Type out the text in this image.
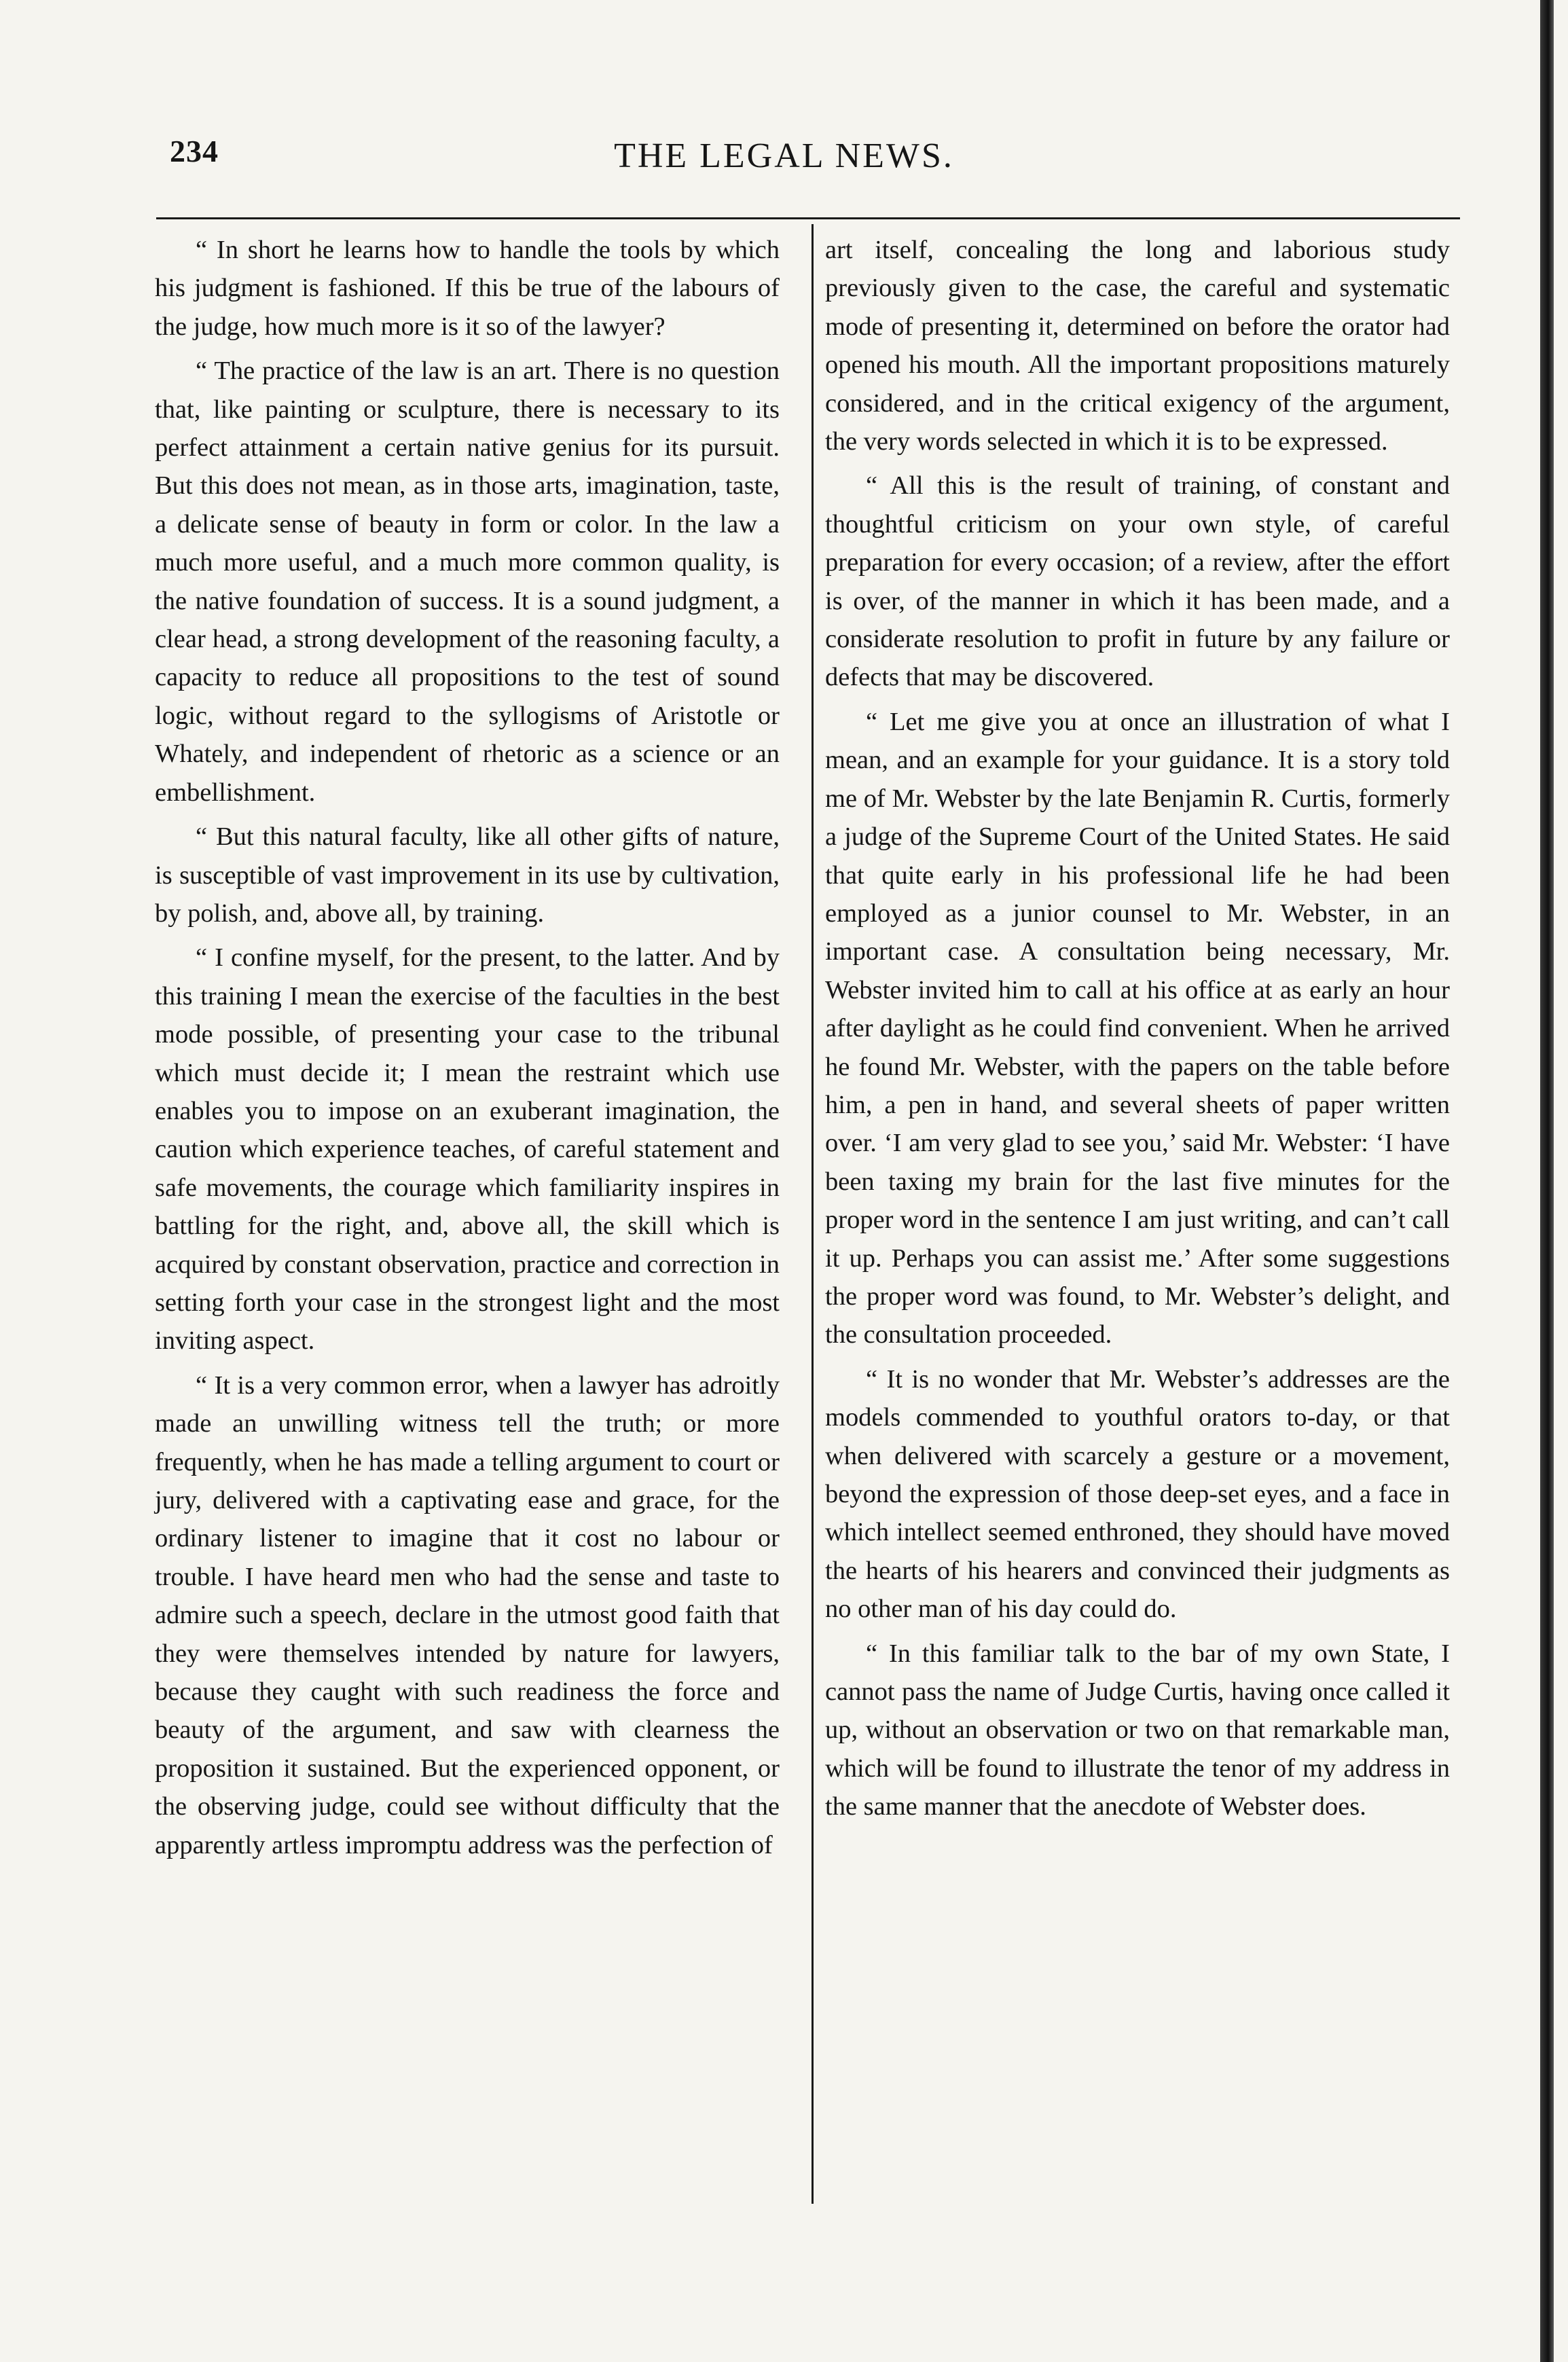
234	THE LEGAL NEWS.

“ In short he learns how to handle the tools by which his judgment is fashioned. If this be true of the labours of the judge, how much more is it so of the lawyer?

“ The practice of the law is an art. There is no question that, like painting or sculpture, there is necessary to its perfect attainment a certain native genius for its pursuit. But this does not mean, as in those arts, imagination, taste, a delicate sense of beauty in form or color. In the law a much more useful, and a much more common quality, is the native foundation of success. It is a sound judgment, a clear head, a strong development of the reasoning faculty, a capacity to reduce all propositions to the test of sound logic, without regard to the syllogisms of Aristotle or Whately, and independent of rhetoric as a science or an embellishment.

“ But this natural faculty, like all other gifts of nature, is susceptible of vast improvement in its use by cultivation, by polish, and, above all, by training.

“ I confine myself, for the present, to the latter. And by this training I mean the exercise of the faculties in the best mode possible, of presenting your case to the tribunal which must decide it; I mean the restraint which use enables you to impose on an exuberant imagination, the caution which experience teaches, of careful statement and safe movements, the courage which familiarity inspires in battling for the right, and, above all, the skill which is acquired by constant observation, practice and correction in setting forth your case in the strongest light and the most inviting aspect.

“ It is a very common error, when a lawyer has adroitly made an unwilling witness tell the truth; or more frequently, when he has made a telling argument to court or jury, delivered with a captivating ease and grace, for the ordinary listener to imagine that it cost no labour or trouble. I have heard men who had the sense and taste to admire such a speech, declare in the utmost good faith that they were themselves intended by nature for lawyers, because they caught with such readiness the force and beauty of the argument, and saw with clearness the proposition it sustained. But the experienced opponent, or the observing judge, could see without difficulty that the apparently artless impromptu address was the perfection of

art itself, concealing the long and laborious study previously given to the case, the careful and systematic mode of presenting it, determined on before the orator had opened his mouth. All the important propositions maturely considered, and in the critical exigency of the argument, the very words selected in which it is to be expressed.

“ All this is the result of training, of constant and thoughtful criticism on your own style, of careful preparation for every occasion; of a review, after the effort is over, of the manner in which it has been made, and a considerate resolution to profit in future by any failure or defects that may be discovered.

“ Let me give you at once an illustration of what I mean, and an example for your guidance. It is a story told me of Mr. Webster by the late Benjamin R. Curtis, formerly a judge of the Supreme Court of the United States. He said that quite early in his professional life he had been employed as a junior counsel to Mr. Webster, in an important case. A consultation being necessary, Mr. Webster invited him to call at his office at as early an hour after daylight as he could find convenient. When he arrived he found Mr. Webster, with the papers on the table before him, a pen in hand, and several sheets of paper written over. ‘I am very glad to see you,’ said Mr. Webster: ‘I have been taxing my brain for the last five minutes for the proper word in the sentence I am just writing, and can’t call it up. Perhaps you can assist me.’ After some suggestions the proper word was found, to Mr. Webster’s delight, and the consultation proceeded.

“ It is no wonder that Mr. Webster’s addresses are the models commended to youthful orators to-day, or that when delivered with scarcely a gesture or a movement, beyond the expression of those deep-set eyes, and a face in which intellect seemed enthroned, they should have moved the hearts of his hearers and convinced their judgments as no other man of his day could do.

“ In this familiar talk to the bar of my own State, I cannot pass the name of Judge Curtis, having once called it up, without an observation or two on that remarkable man, which will be found to illustrate the tenor of my address in the same manner that the anecdote of Webster does.
